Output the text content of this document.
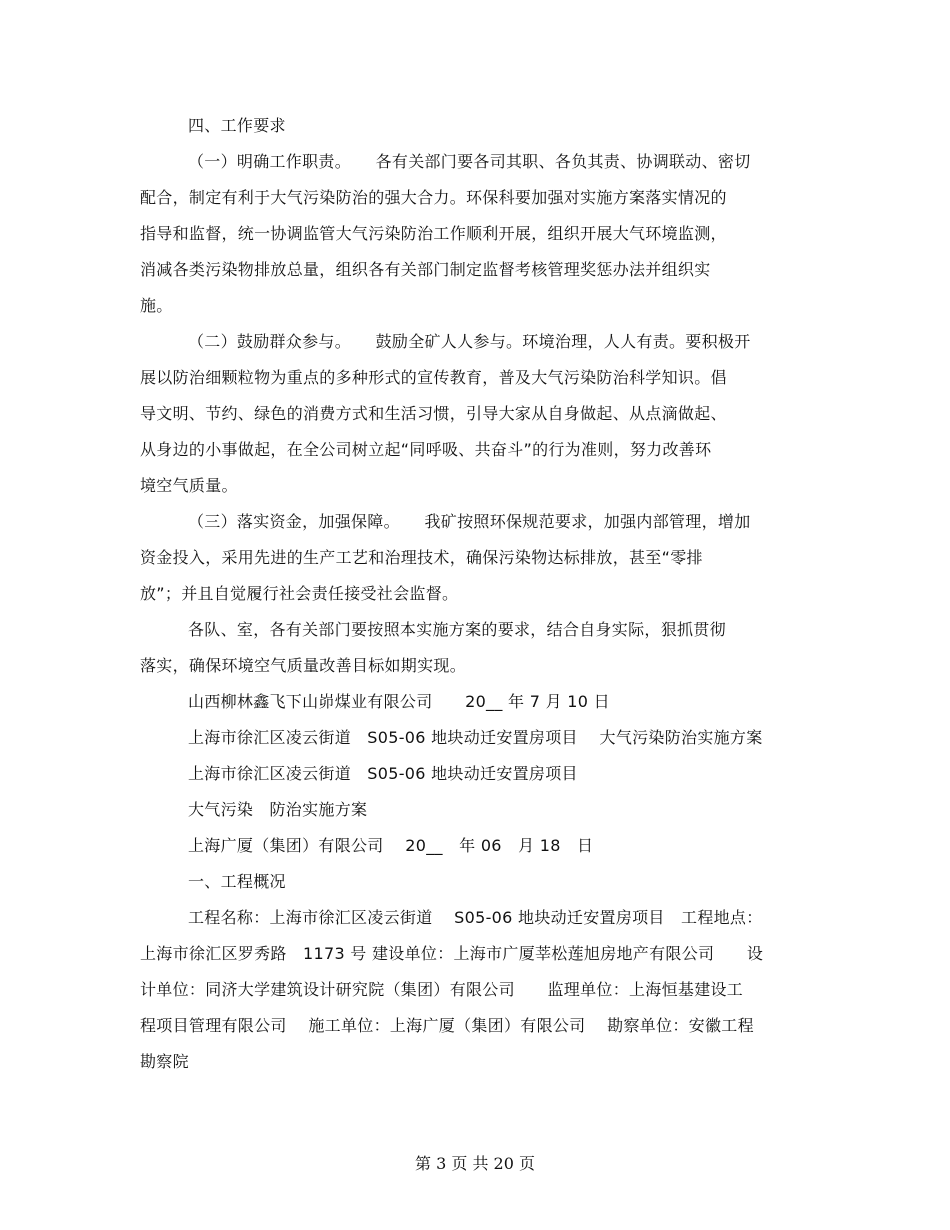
四、工作要求
（一）明确工作职责。　　各有关部门要各司其职、各负其责、协调联动、密切
配合，制定有利于大气污染防治的强大合力。环保科要加强对实施方案落实情况的
指导和监督，统一协调监管大气污染防治工作顺利开展，组织开展大气环境监测，
消减各类污染物排放总量，组织各有关部门制定监督考核管理奖惩办法并组织实
施。
（二）鼓励群众参与。　　鼓励全矿人人参与。环境治理，人人有责。要积极开
展以防治细颗粒物为重点的多种形式的宣传教育，普及大气污染防治科学知识。倡
导文明、节约、绿色的消费方式和生活习惯，引导大家从自身做起、从点滴做起、
从身边的小事做起，在全公司树立起“同呼吸、共奋斗”的行为准则，努力改善环
境空气质量。
（三）落实资金，加强保障。　　我矿按照环保规范要求，加强内部管理，增加
资金投入，采用先进的生产工艺和治理技术，确保污染物达标排放，甚至“零排
放”；并且自觉履行社会责任接受社会监督。
各队、室，各有关部门要按照本实施方案的要求，结合自身实际，狠抓贯彻
落实，确保环境空气质量改善目标如期实现。
山西柳林鑫飞下山峁煤业有限公司　　20__ 年 7 月 10 日
上海市徐汇区凌云街道　S05-06 地块动迁安置房项目　 大气污染防治实施方案
上海市徐汇区凌云街道　S05-06 地块动迁安置房项目
大气污染　防治实施方案
上海广厦（集团）有限公司　 20__　年 06　月 18　日
一、工程概况
工程名称：上海市徐汇区凌云街道　 S05-06 地块动迁安置房项目　工程地点：
上海市徐汇区罗秀路　1173 号 建设单位：上海市广厦莘松莲旭房地产有限公司　　设
计单位：同济大学建筑设计研究院（集团）有限公司　　监理单位：上海恒基建设工
程项目管理有限公司　 施工单位：上海广厦（集团）有限公司　 勘察单位：安徽工程
勘察院
第 3 页 共 20 页
